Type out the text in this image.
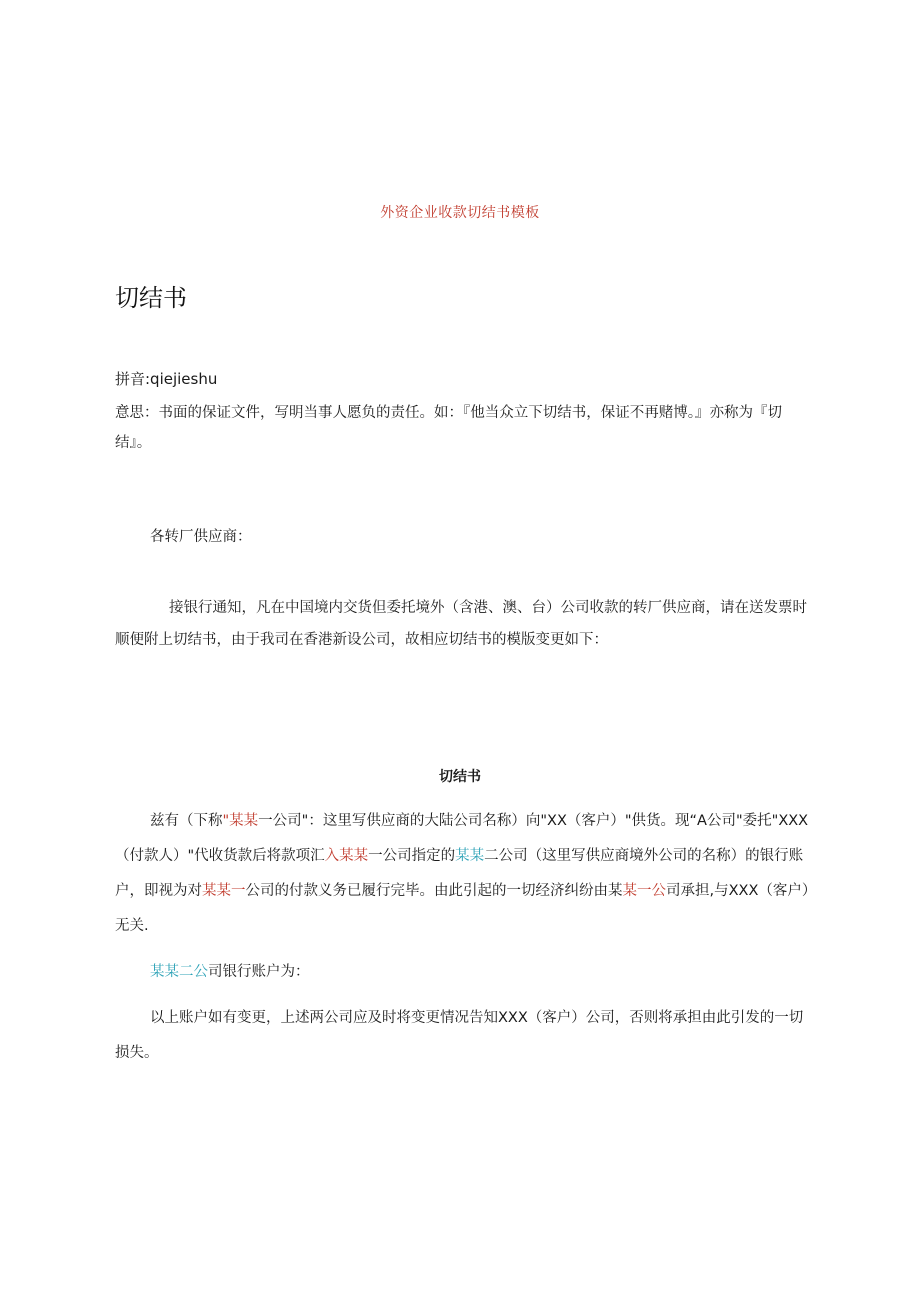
外资企业收款切结书模板
切结书
拼音:qiejieshu
意思：书面的保证文件，写明当事人愿负的责任。如：『他当众立下切结书，保证不再赌博。』亦称为『切结』。
各转厂供应商：
接银行通知，凡在中国境内交货但委托境外（含港、澳、台）公司收款的转厂供应商，请在送发票时顺便附上切结书，由于我司在香港新设公司，故相应切结书的模版变更如下：
切结书
兹有（下称"某某一公司"：这里写供应商的大陆公司名称）向"XX（客户）"供货。现“A公司"委托"XXX（付款人）"代收货款后将款项汇入某某一公司指定的某某二公司（这里写供应商境外公司的名称）的银行账户，即视为对某某一公司的付款义务已履行完毕。由此引起的一切经济纠纷由某某一公司承担,与XXX（客户）无关.
某某二公司银行账户为：
以上账户如有变更，上述两公司应及时将变更情况告知XXX（客户）公司，否则将承担由此引发的一切损失。
